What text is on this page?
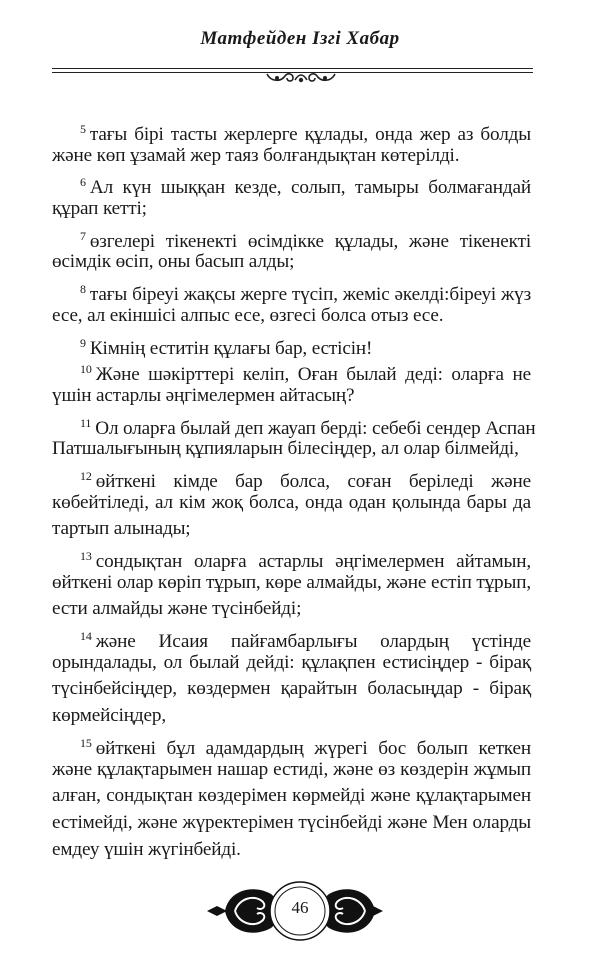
Матфейден Ізгі Хабар
$^5$ тағы бірі тасты жерлерге құлады, онда жер аз болды
және көп ұзамай жер таяз болғандықтан көтерілді.
$^6$ Ал күн шыққан кезде, солып, тамыры болмағандай
құрап кетті;
$^7$ өзгелері тікенекті өсімдікке құлады, және тікенекті
өсімдік өсіп, оны басып алды;
$^8$ тағы біреуі жақсы жерге түсіп, жеміс әкелді:біреуі жүз
есе, ал екіншісі алпыс есе, өзгесі болса отыз есе.
$^9$ Кімнің еститін құлағы бар, естісін!
$^{10}$ Және шәкірттері келіп, Оған былай деді: оларға не
үшін астарлы әңгімелермен айтасың?
$^{11}$ Ол оларға былай деп жауап берді: себебі сендер Аспан
Патшалығының құпияларын білесіңдер, ал олар білмейді,
$^{12}$ өйткені кімде бар болса, соған беріледі және
көбейтіледі, ал кім жоқ болса, онда одан қолында бары да
тартып алынады;
$^{13}$ сондықтан оларға астарлы әңгімелермен айтамын,
өйткені олар көріп тұрып, көре алмайды, және естіп тұрып,
ести алмайды және түсінбейді;
$^{14}$ және Исаия пайғамбарлығы олардың үстінде
орындалады, ол былай дейді: құлақпен естисіңдер - бірақ
түсінбейсіңдер, көздермен қарайтын боласыңдар - бірақ
көрмейсіңдер,
$^{15}$ өйткені бұл адамдардың жүрегі бос болып кеткен
және құлақтарымен нашар естиді, және өз көздерін жұмып
алған, сондықтан көздерімен көрмейді және құлақтарымен
естімейді, және жүректерімен түсінбейді және Мен оларды
емдеу үшін жүгінбейді.
46
